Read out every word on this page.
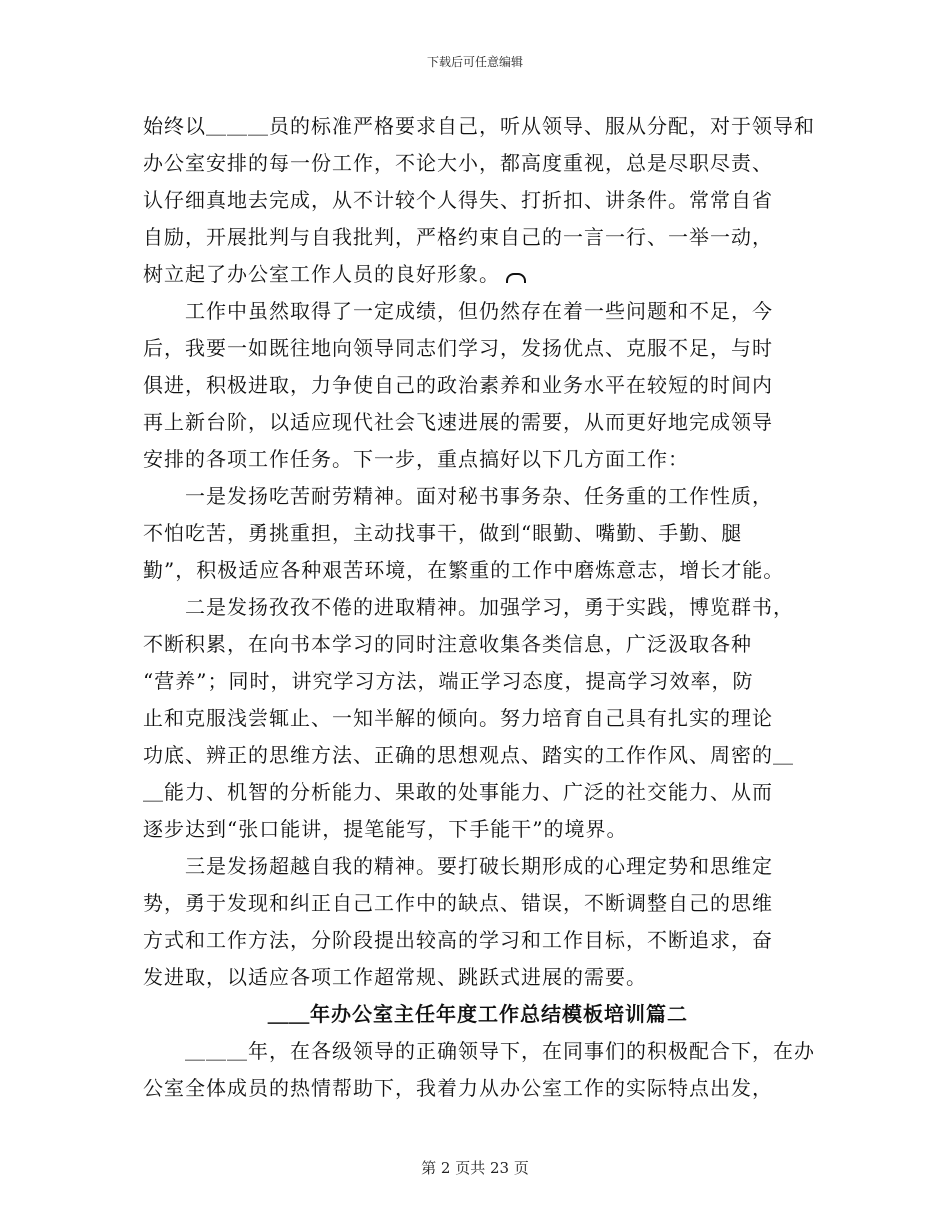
下载后可任意编辑
始终以＿＿＿员的标准严格要求自己，听从领导、服从分配，对于领导和
办公室安排的每一份工作，不论大小，都高度重视，总是尽职尽责、
认仔细真地去完成，从不计较个人得失、打折扣、讲条件。常常自省
自励，开展批判与自我批判，严格约束自己的一言一行、一举一动，
树立起了办公室工作人员的良好形象。
工作中虽然取得了一定成绩，但仍然存在着一些问题和不足，今
后，我要一如既往地向领导同志们学习，发扬优点、克服不足，与时
俱进，积极进取，力争使自己的政治素养和业务水平在较短的时间内
再上新台阶，以适应现代社会飞速进展的需要，从而更好地完成领导
安排的各项工作任务。下一步，重点搞好以下几方面工作：
一是发扬吃苦耐劳精神。面对秘书事务杂、任务重的工作性质，
不怕吃苦，勇挑重担，主动找事干，做到“眼勤、嘴勤、手勤、腿
勤”，积极适应各种艰苦环境，在繁重的工作中磨炼意志，增长才能。
二是发扬孜孜不倦的进取精神。加强学习，勇于实践，博览群书，
不断积累，在向书本学习的同时注意收集各类信息，广泛汲取各种
“营养”；同时，讲究学习方法，端正学习态度，提高学习效率，防
止和克服浅尝辄止、一知半解的倾向。努力培育自己具有扎实的理论
功底、辨正的思维方法、正确的思想观点、踏实的工作作风、周密的＿
＿能力、机智的分析能力、果敢的处事能力、广泛的社交能力、从而
逐步达到“张口能讲，提笔能写，下手能干”的境界。
三是发扬超越自我的精神。要打破长期形成的心理定势和思维定
势，勇于发现和纠正自己工作中的缺点、错误，不断调整自己的思维
方式和工作方法，分阶段提出较高的学习和工作目标，不断追求，奋
发进取，以适应各项工作超常规、跳跃式进展的需要。
＿＿年办公室主任年度工作总结模板培训篇二
＿＿＿年，在各级领导的正确领导下，在同事们的积极配合下，在办
公室全体成员的热情帮助下，我着力从办公室工作的实际特点出发，
第 2 页共 23 页
